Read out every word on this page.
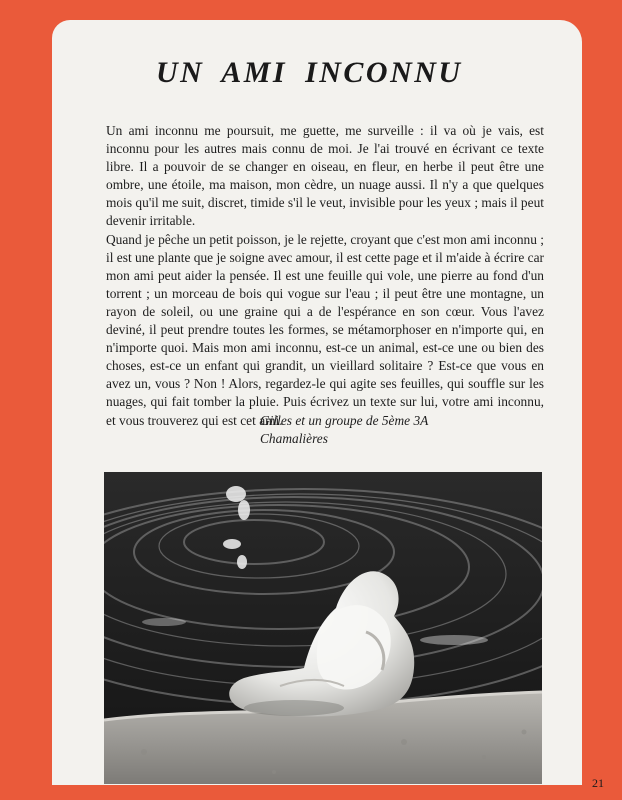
UN AMI INCONNU

Un ami inconnu me poursuit, me guette, me surveille : il va où je vais, est inconnu pour les autres mais connu de moi. Je l'ai trouvé en écrivant ce texte libre. Il a pouvoir de se changer en oiseau, en fleur, en herbe il peut être une ombre, une étoile, ma maison, mon cèdre, un nuage aussi. Il n'y a que quelques mois qu'il me suit, discret, timide s'il le veut, invisible pour les yeux ; mais il peut devenir irritable.

Quand je pêche un petit poisson, je le rejette, croyant que c'est mon ami inconnu ; il est une plante que je soigne avec amour, il est cette page et il m'aide à écrire car mon ami peut aider la pensée. Il est une feuille qui vole, une pierre au fond d'un torrent ; un morceau de bois qui vogue sur l'eau ; il peut être une montagne, un rayon de soleil, ou une graine qui a de l'espérance en son cœur. Vous l'avez deviné, il peut prendre toutes les formes, se métamorphoser en n'importe qui, en n'importe quoi. Mais mon ami inconnu, est-ce un animal, est-ce une ou bien des choses, est-ce un enfant qui grandit, un vieillard solitaire ? Est-ce que vous en avez un, vous ? Non ! Alors, regardez-le qui agite ses feuilles, qui souffle sur les nuages, qui fait tomber la pluie. Puis écrivez un texte sur lui, votre ami inconnu, et vous trouverez qui est cet ami.

Gilles et un groupe de 5ème 3A
Chamalières
21
